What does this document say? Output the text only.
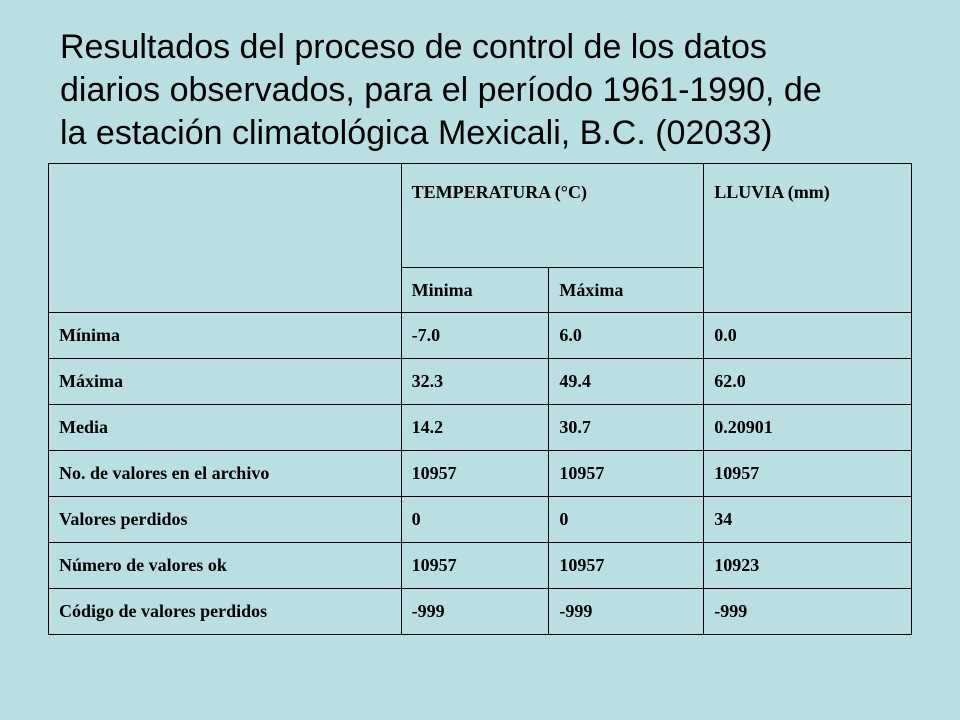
Resultados del proceso de control de los datos
diarios observados, para el período 1961-1990, de
la estación climatológica Mexicali, B.C. (02033)

	TEMPERATURA (°C)		LLUVIA (mm)
	Minima	Máxima	
Mínima	-7.0	6.0	0.0
Máxima	32.3	49.4	62.0
Media	14.2	30.7	0.20901
No. de valores en el archivo	10957	10957	10957
Valores perdidos	0	0	34
Número de valores ok	10957	10957	10923
Código de valores perdidos	-999	-999	-999
